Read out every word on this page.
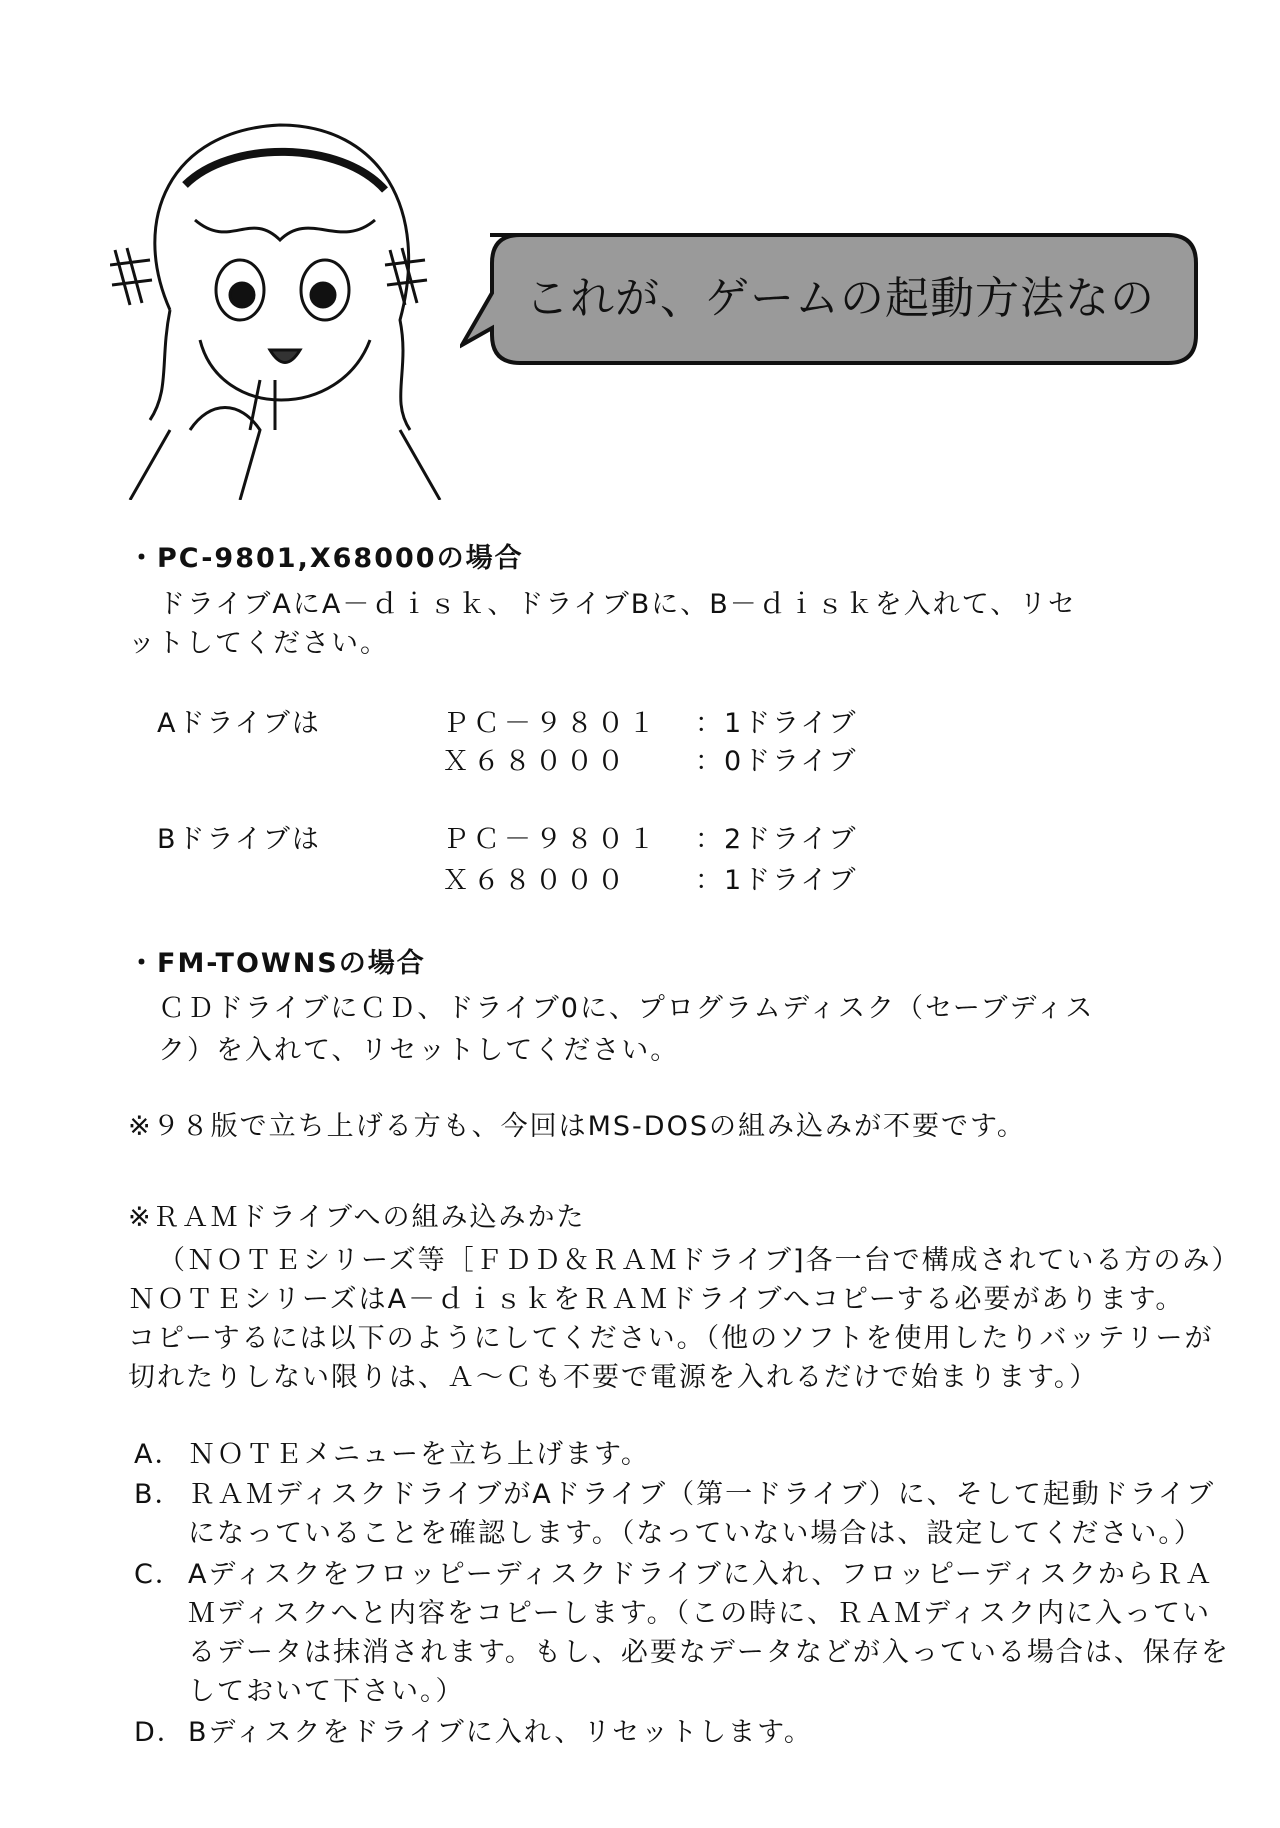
これが、ゲームの起動方法なの
・PC-9801,X68000の場合
ドライブAにA－ｄｉｓｋ、ドライブBに、B－ｄｉｓｋを入れて、リセ
ットしてください。
Aドライブは	ＰＣ－９８０１ ：1ドライブ
Ｘ６８０００ ：0ドライブ
Bドライブは	ＰＣ－９８０１ ：2ドライブ
Ｘ６８０００ ：1ドライブ
・FM-TOWNSの場合
ＣＤドライブにＣＤ、ドライブ0に、プログラムディスク（セーブディス
ク）を入れて、リセットしてください。
※９８版で立ち上げる方も、今回はMS-DOSの組み込みが不要です。
※ＲＡＭドライブへの組み込みかた
（ＮＯＴＥシリーズ等［ＦＤＤ＆ＲＡＭドライブ]各一台で構成されている方のみ）
ＮＯＴＥシリーズはA－ｄｉｓｋをＲＡＭドライブへコピーする必要があります。
コピーするには以下のようにしてください。（他のソフトを使用したりバッテリーが
切れたりしない限りは、Ａ～Ｃも不要で電源を入れるだけで始まります。）
A． ＮＯＴＥメニューを立ち上げます。
B． ＲＡＭディスクドライブがAドライブ（第一ドライブ）に、そして起動ドライブ
になっていることを確認します。（なっていない場合は、設定してください。）
C． Aディスクをフロッピーディスクドライブに入れ、フロッピーディスクからＲＡ
Ｍディスクへと内容をコピーします。（この時に、ＲＡＭディスク内に入ってい
るデータは抹消されます。もし、必要なデータなどが入っている場合は、保存を
しておいて下さい。）
D． Bディスクをドライブに入れ、リセットします。
